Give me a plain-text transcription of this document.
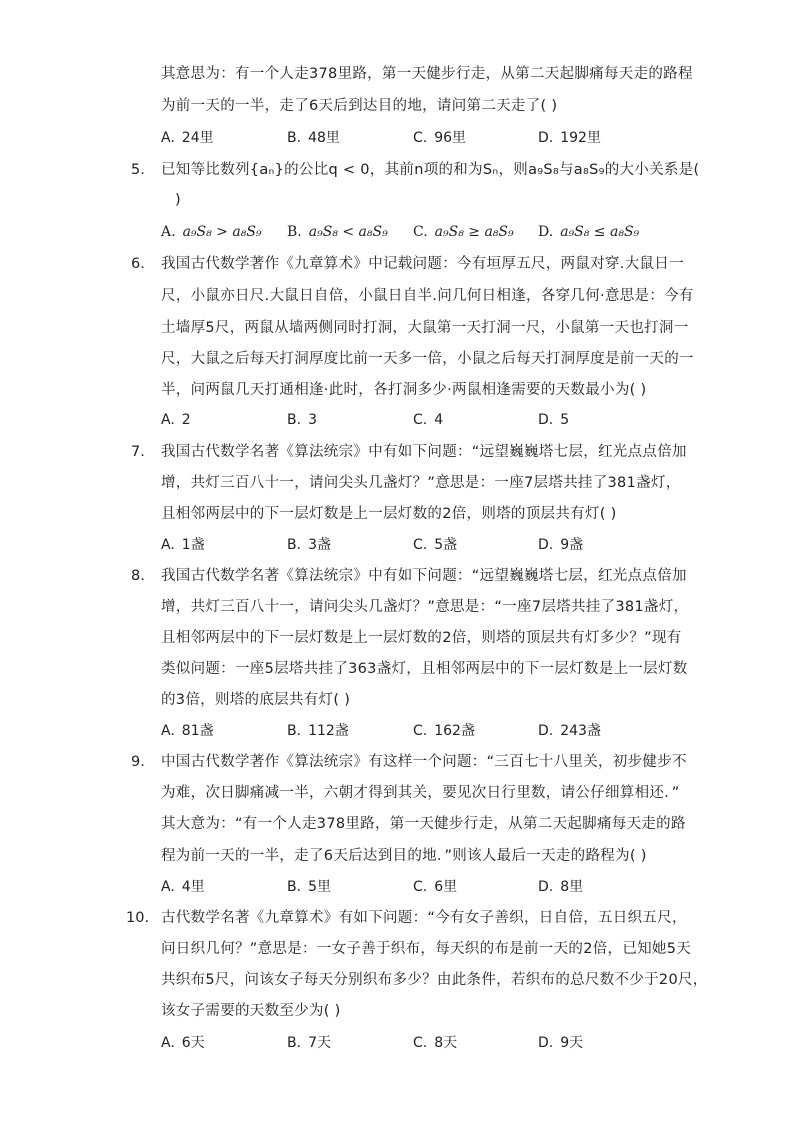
其意思为：有一个人走378里路，第一天健步行走，从第二天起脚痛每天走的路程
为前一天的一半，走了6天后到达目的地，请问第二天走了( )
A. 24里	B. 48里	C. 96里	D. 192里
5. 已知等比数列{aₙ}的公比q < 0，其前n项的和为Sₙ，则a₉S₈与a₈S₉的大小关系是(
)
A. a₉S₈ > a₈S₉ B. a₉S₈ < a₈S₉ C. a₉S₈ ≥ a₈S₉ D. a₉S₈ ≤ a₈S₉
6. 我国古代数学著作《九章算术》中记载问题：今有垣厚五尺，两鼠对穿.大鼠日一
尺，小鼠亦日尺.大鼠日自倍，小鼠日自半.问几何日相逢，各穿几何·意思是：今有
土墙厚5尺，两鼠从墙两侧同时打洞，大鼠第一天打洞一尺，小鼠第一天也打洞一
尺，大鼠之后每天打洞厚度比前一天多一倍，小鼠之后每天打洞厚度是前一天的一
半，问两鼠几天打通相逢·此时，各打洞多少·两鼠相逢需要的天数最小为( )
A. 2	B. 3	C. 4	D. 5
7. 我国古代数学名著《算法统宗》中有如下问题：“远望巍巍塔七层，红光点点倍加
增，共灯三百八十一，请问尖头几盏灯？”意思是：一座7层塔共挂了381盏灯，
且相邻两层中的下一层灯数是上一层灯数的2倍，则塔的顶层共有灯( )
A. 1盏	B. 3盏	C. 5盏	D. 9盏
8. 我国古代数学名著《算法统宗》中有如下问题：“远望巍巍塔七层，红光点点倍加
增，共灯三百八十一，请问尖头几盏灯？”意思是：“一座7层塔共挂了381盏灯，
且相邻两层中的下一层灯数是上一层灯数的2倍，则塔的顶层共有灯多少？”现有
类似问题：一座5层塔共挂了363盏灯，且相邻两层中的下一层灯数是上一层灯数
的3倍，则塔的底层共有灯( )
A. 81盏	B. 112盏	C. 162盏	D. 243盏
9. 中国古代数学著作《算法统宗》有这样一个问题：“三百七十八里关，初步健步不
为难，次日脚痛减一半，六朝才得到其关，要见次日行里数，请公仔细算相还．”
其大意为：“有一个人走378里路，第一天健步行走，从第二天起脚痛每天走的路
程为前一天的一半，走了6天后达到目的地．”则该人最后一天走的路程为( )
A. 4里	B. 5里	C. 6里	D. 8里
10. 古代数学名著《九章算术》有如下问题：“今有女子善织，日自倍，五日织五尺，
问日织几何？”意思是：一女子善于织布，每天织的布是前一天的2倍，已知她5天
共织布5尺，问该女子每天分别织布多少？由此条件，若织布的总尺数不少于20尺，
该女子需要的天数至少为( )
A. 6天	B. 7天	C. 8天	D. 9天
